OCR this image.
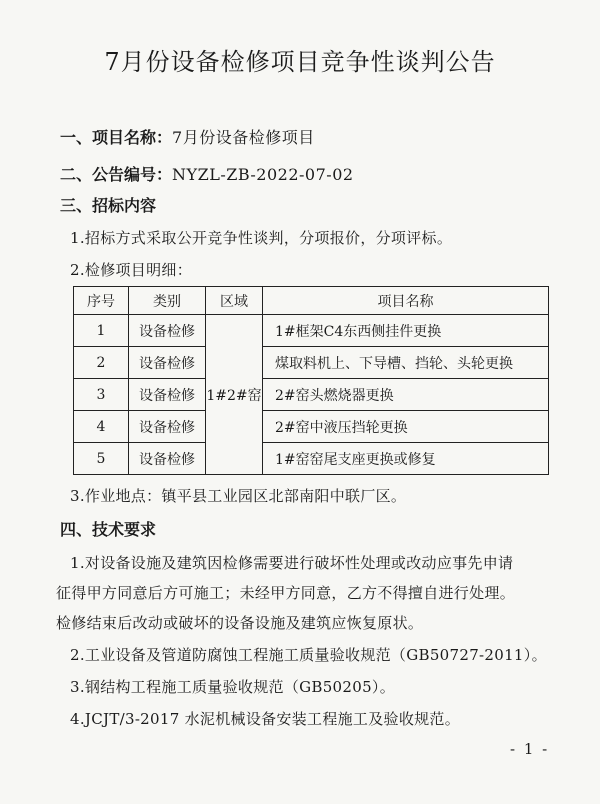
7月份设备检修项目竞争性谈判公告
一、项目名称：7月份设备检修项目
二、公告编号：NYZL-ZB-2022-07-02
三、招标内容
1.招标方式采取公开竞争性谈判，分项报价，分项评标。
2.检修项目明细：
序号	类别	区域	项目名称
1	设备检修	1#2#窑	1#框架C4东西侧挂件更换
2	设备检修		煤取料机上、下导槽、挡轮、头轮更换
3	设备检修		2#窑头燃烧器更换
4	设备检修		2#窑中液压挡轮更换
5	设备检修		1#窑窑尾支座更换或修复
3.作业地点：镇平县工业园区北部南阳中联厂区。
四、技术要求
1.对设备设施及建筑因检修需要进行破坏性处理或改动应事先申请
征得甲方同意后方可施工；未经甲方同意，乙方不得擅自进行处理。
检修结束后改动或破坏的设备设施及建筑应恢复原状。
2.工业设备及管道防腐蚀工程施工质量验收规范（GB50727-2011）。
3.钢结构工程施工质量验收规范（GB50205）。
4.JCJT/3-2017 水泥机械设备安装工程施工及验收规范。
- 1 -
